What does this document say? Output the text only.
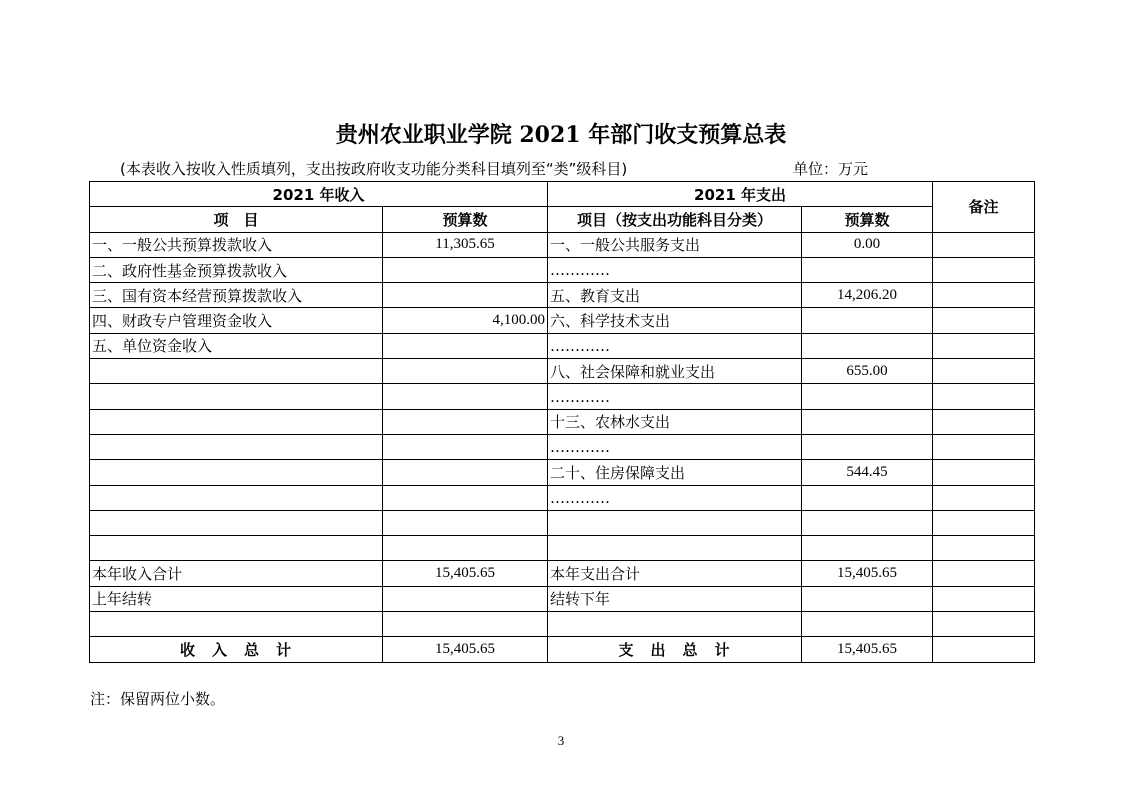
贵州农业职业学院 2021 年部门收支预算总表
(本表收入按收入性质填列，支出按政府收支功能分类科目填列至“类”级科目)	单位：万元
2021 年收入		2021 年支出		备注
项　目	预算数	项目（按支出功能科目分类）	预算数	
一、一般公共预算拨款收入	11,305.65	一、一般公共服务支出	0.00	
二、政府性基金预算拨款收入		…………		
三、国有资本经营预算拨款收入		五、教育支出	14,206.20	
四、财政专户管理资金收入	4,100.00	六、科学技术支出		
五、单位资金收入		…………		
		八、社会保障和就业支出	655.00	
		…………		
		十三、农林水支出		
		…………		
		二十、住房保障支出	544.45	
		…………		

本年收入合计	15,405.65	本年支出合计	15,405.65	
上年结转		结转下年		

收　入　总　计	15,405.65	支　出　总　计	15,405.65	
注：保留两位小数。
3
